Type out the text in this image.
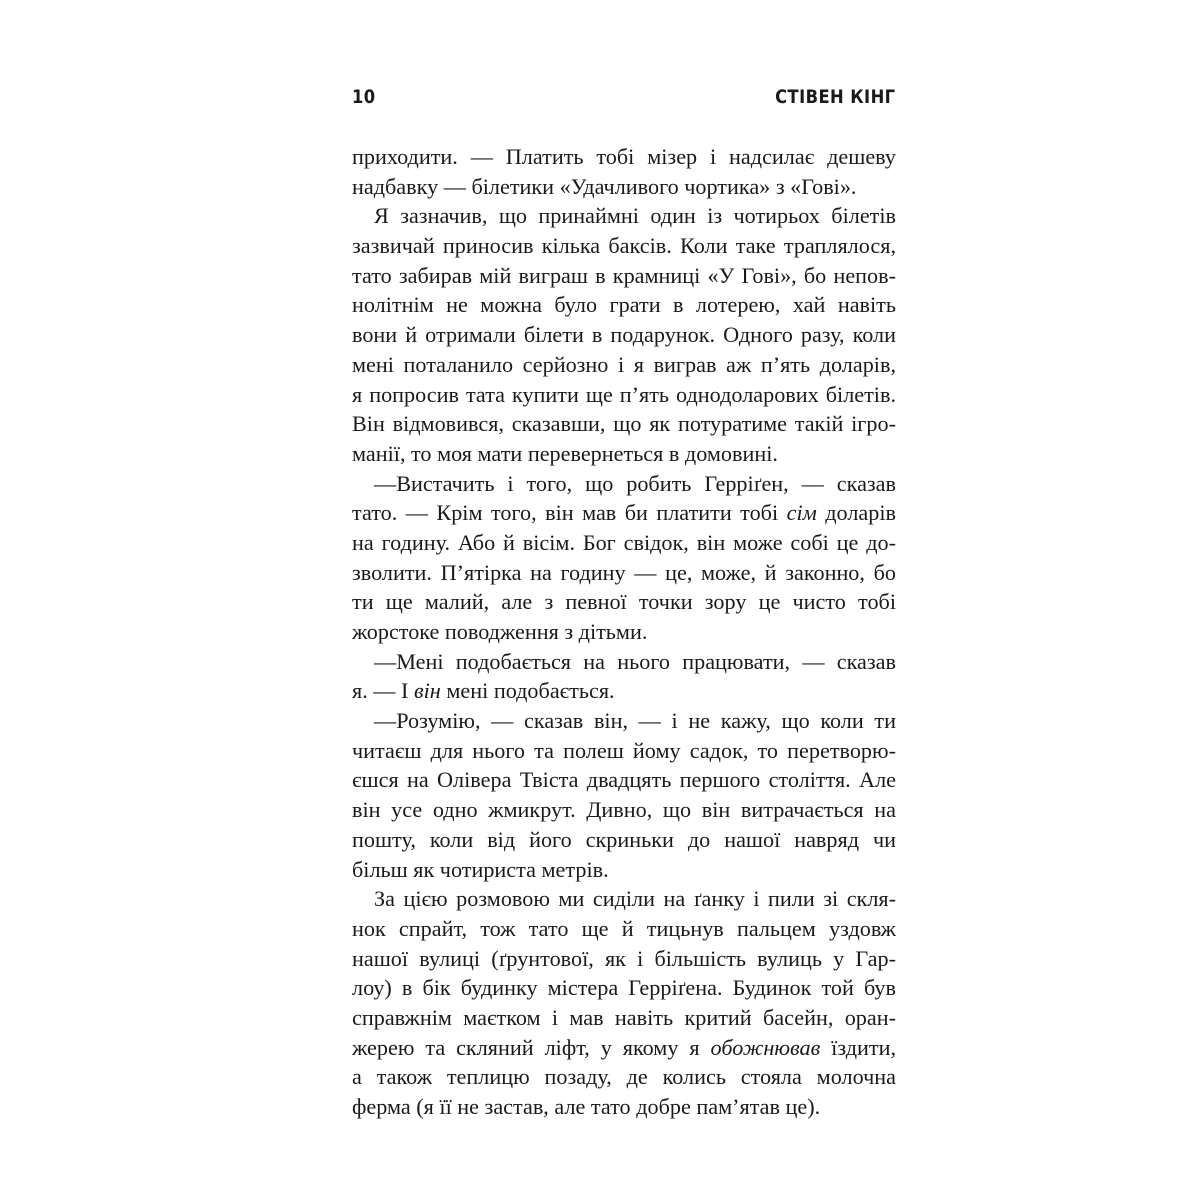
10	СТІВЕН КІНГ
приходити. — Платить тобі мізер і надсилає дешеву
надбавку — білетики «Удачливого чортика» з «Гові».
Я зазначив, що принаймні один із чотирьох білетів
зазвичай приносив кілька баксів. Коли таке траплялося,
тато забирав мій виграш в крамниці «У Гові», бо непов-
нолітнім не можна було грати в лотерею, хай навіть
вони й отримали білети в подарунок. Одного разу, коли
мені поталанило серйозно і я виграв аж п’ять доларів,
я попросив тата купити ще п’ять однодоларових білетів.
Він відмовився, сказавши, що як потуратиме такій ігро-
манії, то моя мати перевернеться в домовині.
—Вистачить і того, що робить Герріґен, — сказав
тато. — Крім того, він мав би платити тобі сім доларів
на годину. Або й вісім. Бог свідок, він може собі це до-
зволити. П’ятірка на годину — це, може, й законно, бо
ти ще малий, але з певної точки зору це чисто тобі
жорстоке поводження з дітьми.
—Мені подобається на нього працювати, — сказав
я. — І він мені подобається.
—Розумію, — сказав він, — і не кажу, що коли ти
читаєш для нього та полеш йому садок, то перетворю-
єшся на Олівера Твіста двадцять першого століття. Але
він усе одно жмикрут. Дивно, що він витрачається на
пошту, коли від його скриньки до нашої навряд чи
більш як чотириста метрів.
За цією розмовою ми сиділи на ґанку і пили зі скля-
нок спрайт, тож тато ще й тицьнув пальцем уздовж
нашої вулиці (ґрунтової, як і більшість вулиць у Гар-
лоу) в бік будинку містера Герріґена. Будинок той був
справжнім маєтком і мав навіть критий басейн, оран-
жерею та скляний ліфт, у якому я обожнював їздити,
а також теплицю позаду, де колись стояла молочна
ферма (я її не застав, але тато добре пам’ятав це).
